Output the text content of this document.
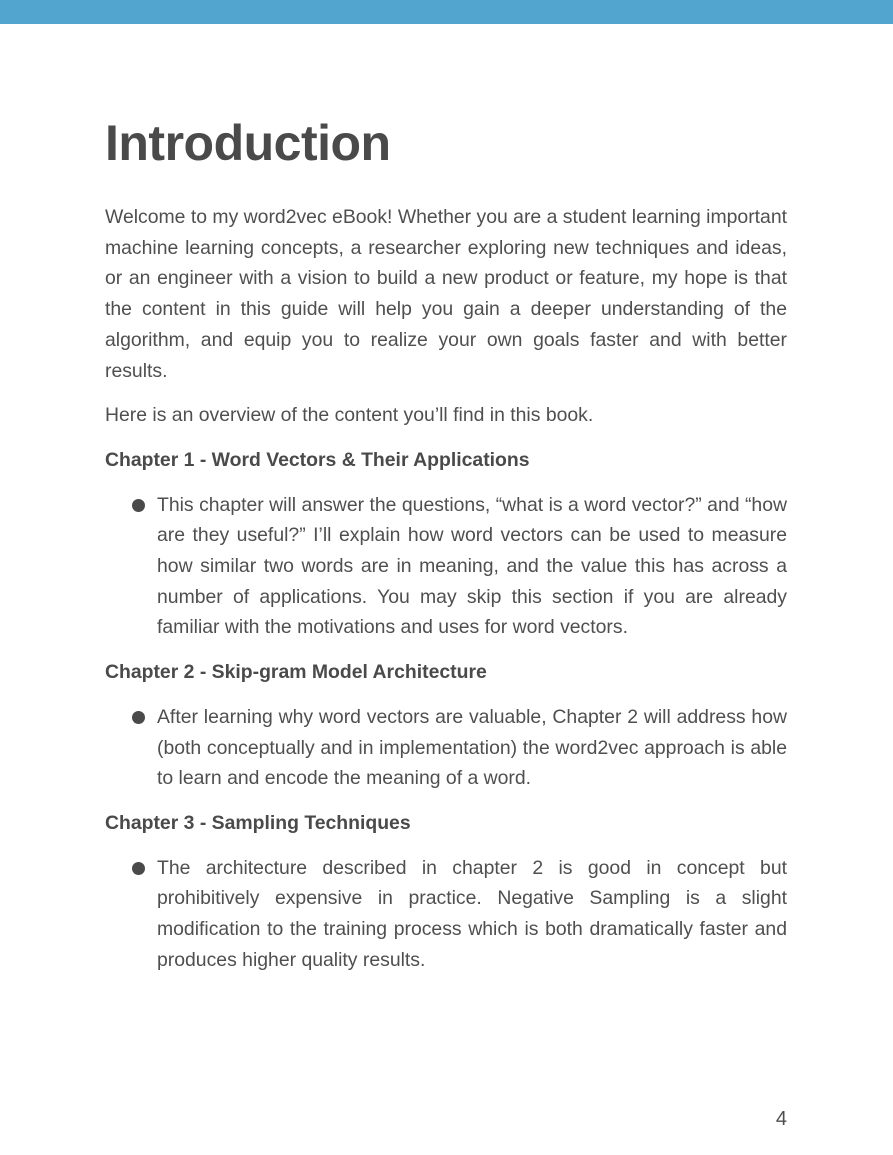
Introduction

Welcome to my word2vec eBook! Whether you are a student learning important machine learning concepts, a researcher exploring new techniques and ideas, or an engineer with a vision to build a new product or feature, my hope is that the content in this guide will help you gain a deeper understanding of the algorithm, and equip you to realize your own goals faster and with better results.

Here is an overview of the content you’ll find in this book.

Chapter 1 - Word Vectors & Their Applications
This chapter will answer the questions, “what is a word vector?” and “how are they useful?” I’ll explain how word vectors can be used to measure how similar two words are in meaning, and the value this has across a number of applications. You may skip this section if you are already familiar with the motivations and uses for word vectors.
Chapter 2 - Skip-gram Model Architecture
After learning why word vectors are valuable, Chapter 2 will address how (both conceptually and in implementation) the word2vec approach is able to learn and encode the meaning of a word.
Chapter 3 - Sampling Techniques
The architecture described in chapter 2 is good in concept but prohibitively expensive in practice. Negative Sampling is a slight modification to the training process which is both dramatically faster and produces higher quality results.
4
